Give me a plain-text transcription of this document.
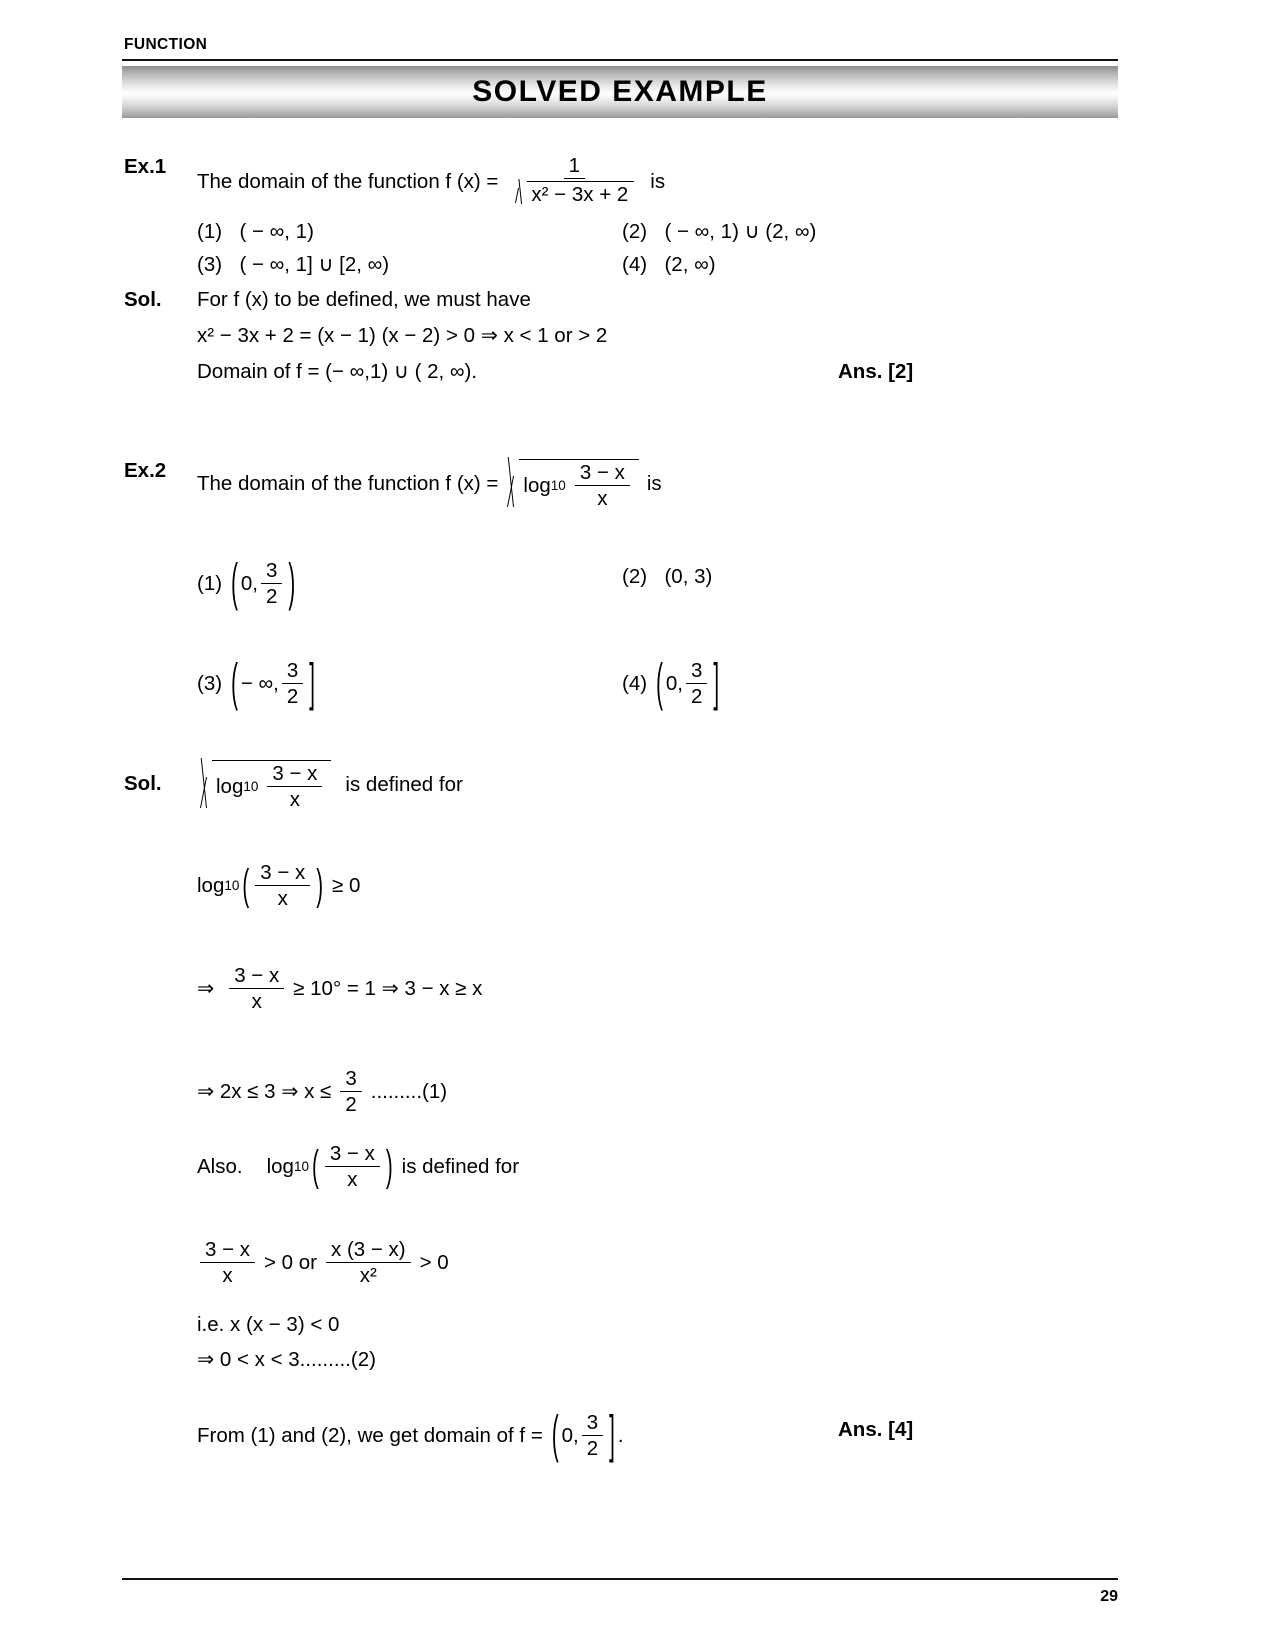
FUNCTION
SOLVED EXAMPLE
Ex.1
The domain of the function f $(x) = \frac{1}{\text{x² − 3x + 2}}$ is
(1) ( − ∞, 1)	(2) ( − ∞, 1) ∪ (2, ∞)
(3) ( − ∞, 1] ∪ [2, ∞)	(4) (2, ∞)
Sol. For f (x) to be defined, we must have
x² − 3x + 2 = (x − 1) (x − 2) > 0 ⇒ x < 1 or > 2
Domain of f = (− ∞,1) ∪ ( 2, ∞).	Ans. [2]
Ex.2
The domain of the function f $(x) = \log 10 \frac{3 - x}{x}$ is
(1) ( 0, $\frac{3}{2}$ )	(2) (0, 3)
(3) ( − ∞, $\frac{3}{2}$ ]	(4) ( 0, $\frac{3}{2}$ ]
Sol.	$\log 10 \frac{3 - x}{x}$ is defined for
log 10 ( $\frac{3 - x}{x}$ ) ≥ 0
⇒ $\frac{3 - x}{x} \ge 10^\circ = 1$ ⇒ 3 − x ≥ x
⇒ 2x ≤ 3 ⇒ $x \le \frac{3}{2} .........(1)$
Also. log 10 ( $\frac{3 - x}{x}$ ) is defined for
$\frac{3 - x}{x} > 0$ or $\frac{x (3 - x)}{\text{x²}} > 0$
i.e. x (x − 3) < 0
⇒ 0 < x < 3.........(2)
From (1) and (2), we get domain of f = ( 0, $\frac{3}{2}$ ] .	Ans. [4]
29
